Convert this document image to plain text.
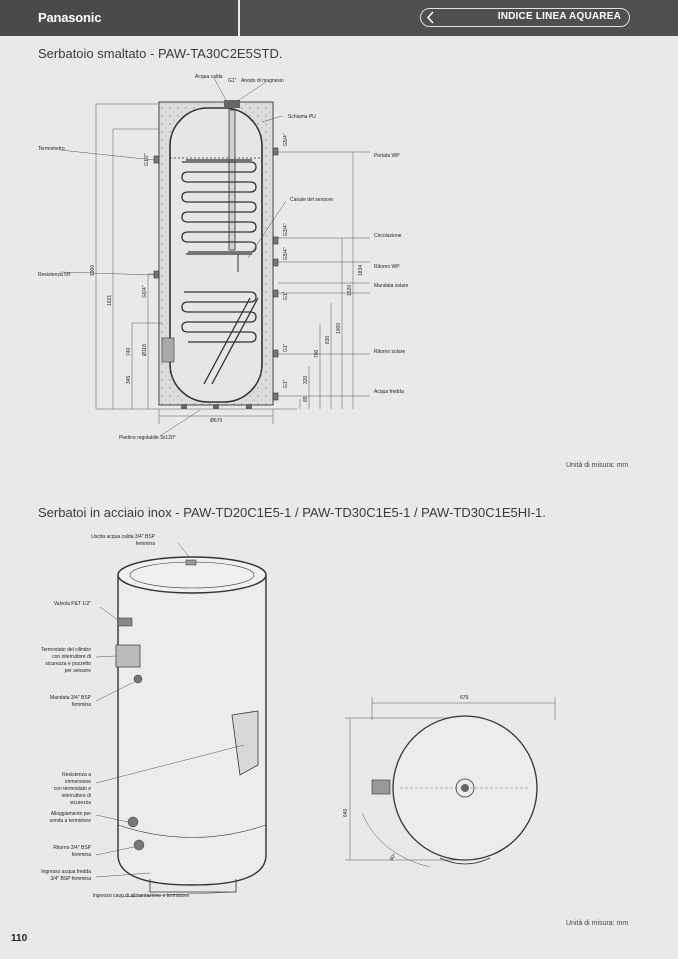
Panasonic	INDICE LINEA AQUAREA
Serbatoio smaltato - PAW-TA30C2E5STD.
Acqua calda
G1" Anodo di magnesio
Schiuma PU
Termometro
Portata WP
Canale del sensore
Circolazione
Ritorno WP
Resistenza 5H
Mandata solare
Ritorno solare
Acqua fredda
Piedino regolabile 3x120°
Ø670
1900
1621
740
345
G1/2"
G6/4"
Ø118
G5/4"
G3/4"
G5/4"
G1"
G1"
G1"
85
320
700
830
1000
1520
1834
Unità di misura: mm
Serbatoi in acciaio inox - PAW-TD20C1E5-1 / PAW-TD30C1E5-1 / PAW-TD30C1E5HI-1.
Uscita acqua calda 3/4" BSP
femmina
Valvola P&T 1/2"
Termostato del cilindro
con interruttore di
sicurezza e pozzetto
per sensore
Mandata 3/4" BSP
femmina
Resistenza a
immersione
con termostato e
interruttore di
sicurezza
Alloggiamento per
sonda a termistore
Ritorno 3/4" BSP
femmina
Ingresso acqua fredda
3/4" BSP femmina
Ingresso cavo di alimentazione e termistore
679
640
90°
Unità di misura: mm
110
